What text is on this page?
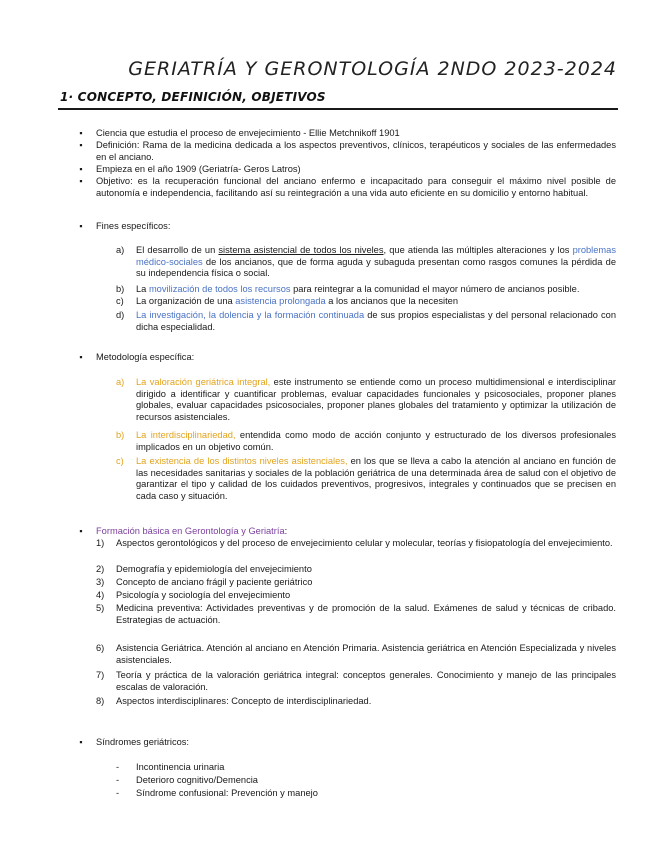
GERIATRÍA Y GERONTOLOGÍA 2NDO 2023-2024
1· CONCEPTO, DEFINICIÓN, OBJETIVOS
▪ Ciencia que estudia el proceso de envejecimiento - Ellie Metchnikoff 1901
▪ Definición: Rama de la medicina dedicada a los aspectos preventivos, clínicos, terapéuticos y sociales de las enfermedades en el anciano.
▪ Empieza en el año 1909 (Geriatría- Geros Latros)
▪ Objetivo: es la recuperación funcional del anciano enfermo e incapacitado para conseguir el máximo nivel posible de autonomía e independencia, facilitando así su reintegración a una vida auto eficiente en su domicilio y entorno habitual.
▪ Fines específicos:
a)	El desarrollo de un sistema asistencial de todos los niveles, que atienda las múltiples alteraciones y los problemas médico-sociales de los ancianos, que de forma aguda y subaguda presentan como rasgos comunes la pérdida de su independencia física o social.
b)	La movilización de todos los recursos para reintegrar a la comunidad el mayor número de ancianos posible.
c)	La organización de una asistencia prolongada a los ancianos que la necesiten
d)	La investigación, la dolencia y la formación continuada de sus propios especialistas y del personal relacionado con dicha especialidad.
▪ Metodología específica:
a)	La valoración geriátrica integral, este instrumento se entiende como un proceso multidimensional e interdisciplinar dirigido a identificar y cuantificar problemas, evaluar capacidades funcionales y psicosociales, proponer planes globales, evaluar capacidades psicosociales, proponer planes globales del tratamiento y optimizar la utilización de recursos asistenciales.
b)	La interdisciplinariedad, entendida como modo de acción conjunto y estructurado de los diversos profesionales implicados en un objetivo común.
c)	La existencia de los distintos niveles asistenciales, en los que se lleva a cabo la atención al anciano en función de las necesidades sanitarias y sociales de la población geriátrica de una determinada área de salud con el objetivo de garantizar el tipo y calidad de los cuidados preventivos, progresivos, integrales y continuados que se precisen en cada caso y situación.
▪ Formación básica en Gerontología y Geriatría:
1)	Aspectos gerontológicos y del proceso de envejecimiento celular y molecular, teorías y fisiopatología del envejecimiento.
2)	Demografía y epidemiología del envejecimiento
3)	Concepto de anciano frágil y paciente geriátrico
4)	Psicología y sociología del envejecimiento
5)	Medicina preventiva: Actividades preventivas y de promoción de la salud. Exámenes de salud y técnicas de cribado. Estrategias de actuación.
6)	Asistencia Geriátrica. Atención al anciano en Atención Primaria. Asistencia geriátrica en Atención Especializada y niveles asistenciales.
7)	Teoría y práctica de la valoración geriátrica integral: conceptos generales. Conocimiento y manejo de las principales escalas de valoración.
8)	Aspectos interdisciplinares: Concepto de interdisciplinariedad.
▪ Síndromes geriátricos:
-	Incontinencia urinaria
-	Deterioro cognitivo/Demencia
-	Síndrome confusional: Prevención y manejo
